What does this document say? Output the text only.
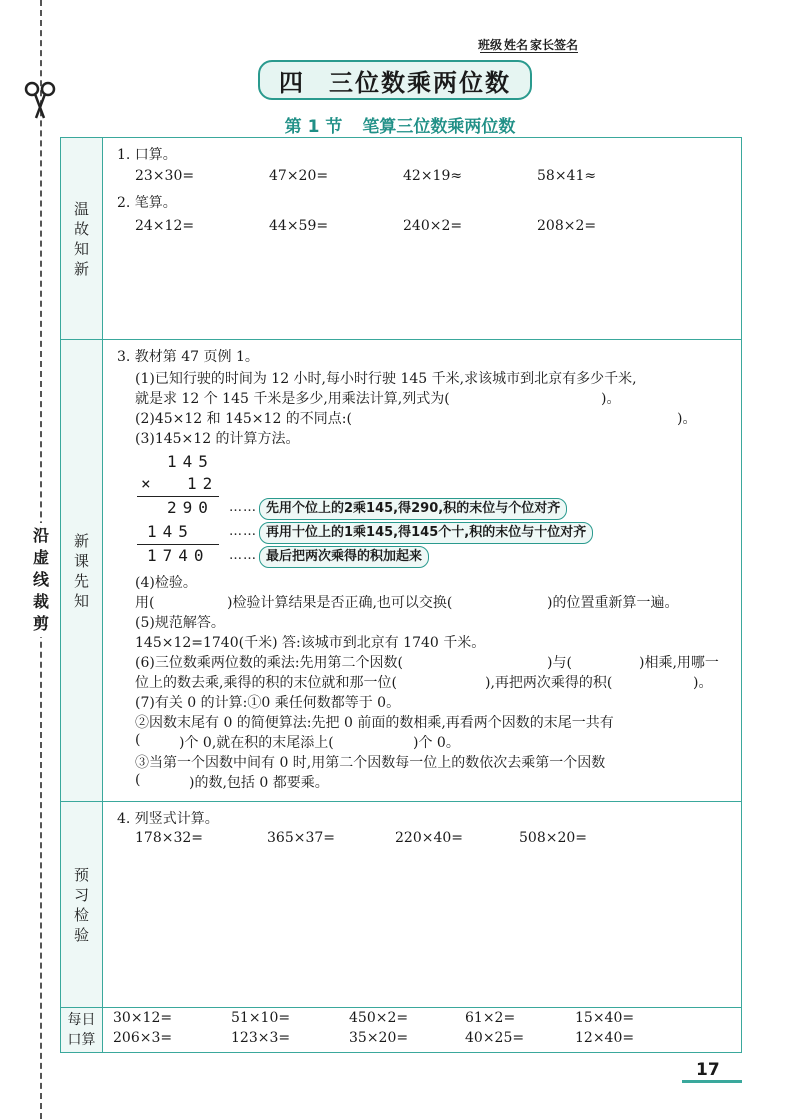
沿虚线裁剪
班级 姓名 家长签名
四 三位数乘两位数
第 1 节 笔算三位数乘两位数
温故知新
1. 口算。
23×30=	47×20=	42×19≈	58×41≈
2. 笔算。
24×12=	44×59=	240×2=	208×2=
新课先知
3. 教材第 47 页例 1。
(1)已知行驶的时间为 12 小时,每小时行驶 145 千米,求该城市到北京有多少千米,
就是求 12 个 145 千米是多少,用乘法计算,列式为(	)。
(2)45×12 和 145×12 的不同点:(	)。
(3)145×12 的计算方法。
145
× 12
290
145
1740
…… 先用个位上的2乘145,得290,积的末位与个位对齐
…… 再用十位上的1乘145,得145个十,积的末位与十位对齐
…… 最后把两次乘得的积加起来
(4)检验。
用(	)检验计算结果是否正确,也可以交换(	)的位置重新算一遍。
(5)规范解答。
145×12=1740(千米) 答:该城市到北京有 1740 千米。
(6)三位数乘两位数的乘法:先用第二个因数(	)与(	)相乘,用哪一
位上的数去乘,乘得的积的末位就和那一位(	),再把两次乘得的积(	)。
(7)有关 0 的计算:①0 乘任何数都等于 0。
②因数末尾有 0 的简便算法:先把 0 前面的数相乘,再看两个因数的末尾一共有
(	)个 0,就在积的末尾添上(	)个 0。
③当第一个因数中间有 0 时,用第二个因数每一位上的数依次去乘第一个因数
(	)的数,包括 0 都要乘。
预习检验
4. 列竖式计算。
178×32=	365×37=	220×40=	508×20=
每日
口算
30×12=	51×10=	450×2=	61×2=	15×40=
206×3=	123×3=	35×20=	40×25=	12×40=
17
